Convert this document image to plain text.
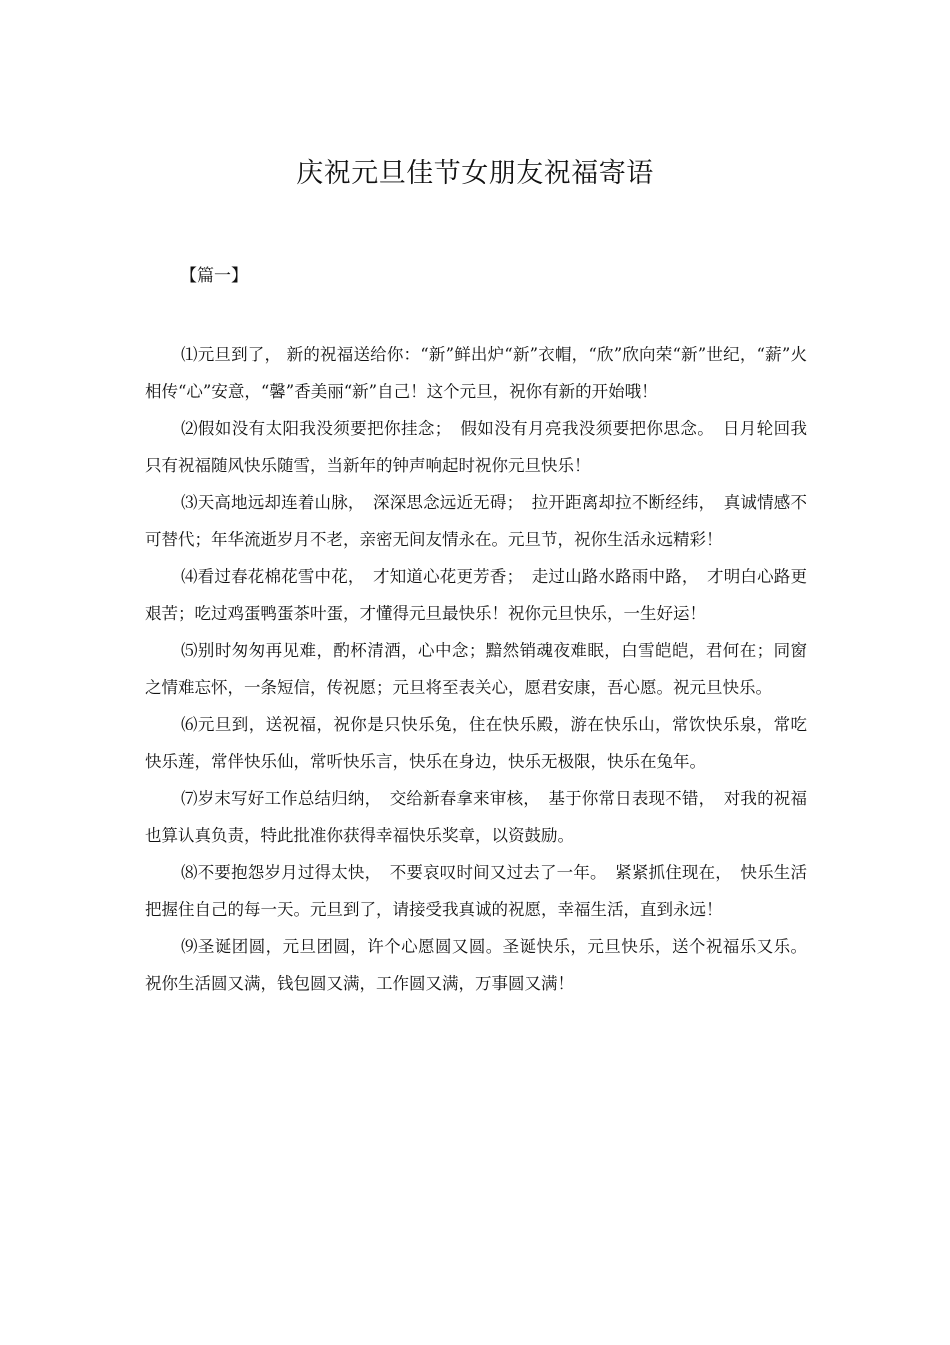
庆祝元旦佳节女朋友祝福寄语
【篇一】

⑴元旦到了， 新的祝福送给你：“新”鲜出炉“新”衣帽，“欣”欣向荣“新”世纪，“薪”火相传“心”安意，“馨”香美丽“新”自己！这个元旦，祝你有新的开始哦！

⑵假如没有太阳我没须要把你挂念；　假如没有月亮我没须要把你思念。　日月轮回我只有祝福随风快乐随雪，当新年的钟声响起时祝你元旦快乐！

⑶天高地远却连着山脉，　深深思念远近无碍；　拉开距离却拉不断经纬，　真诚情感不可替代；年华流逝岁月不老，亲密无间友情永在。元旦节，祝你生活永远精彩！

⑷看过春花棉花雪中花，　才知道心花更芳香；　走过山路水路雨中路，　才明白心路更艰苦；吃过鸡蛋鸭蛋茶叶蛋，才懂得元旦最快乐！祝你元旦快乐，一生好运！

⑸别时匆匆再见难，酌杯清酒，心中念；黯然销魂夜难眠，白雪皑皑，君何在；同窗之情难忘怀，一条短信，传祝愿；元旦将至表关心，愿君安康，吾心愿。祝元旦快乐。

⑹元旦到，送祝福，祝你是只快乐兔，住在快乐殿，游在快乐山，常饮快乐泉，常吃快乐莲，常伴快乐仙，常听快乐言，快乐在身边，快乐无极限，快乐在兔年。

⑺岁末写好工作总结归纳，　交给新春拿来审核，　基于你常日表现不错，　对我的祝福也算认真负责，特此批准你获得幸福快乐奖章，以资鼓励。

⑻不要抱怨岁月过得太快，　不要哀叹时间又过去了一年。　紧紧抓住现在，　快乐生活把握住自己的每一天。元旦到了，请接受我真诚的祝愿，幸福生活，直到永远！

⑼圣诞团圆，元旦团圆，许个心愿圆又圆。圣诞快乐，元旦快乐，送个祝福乐又乐。祝你生活圆又满，钱包圆又满，工作圆又满，万事圆又满！
